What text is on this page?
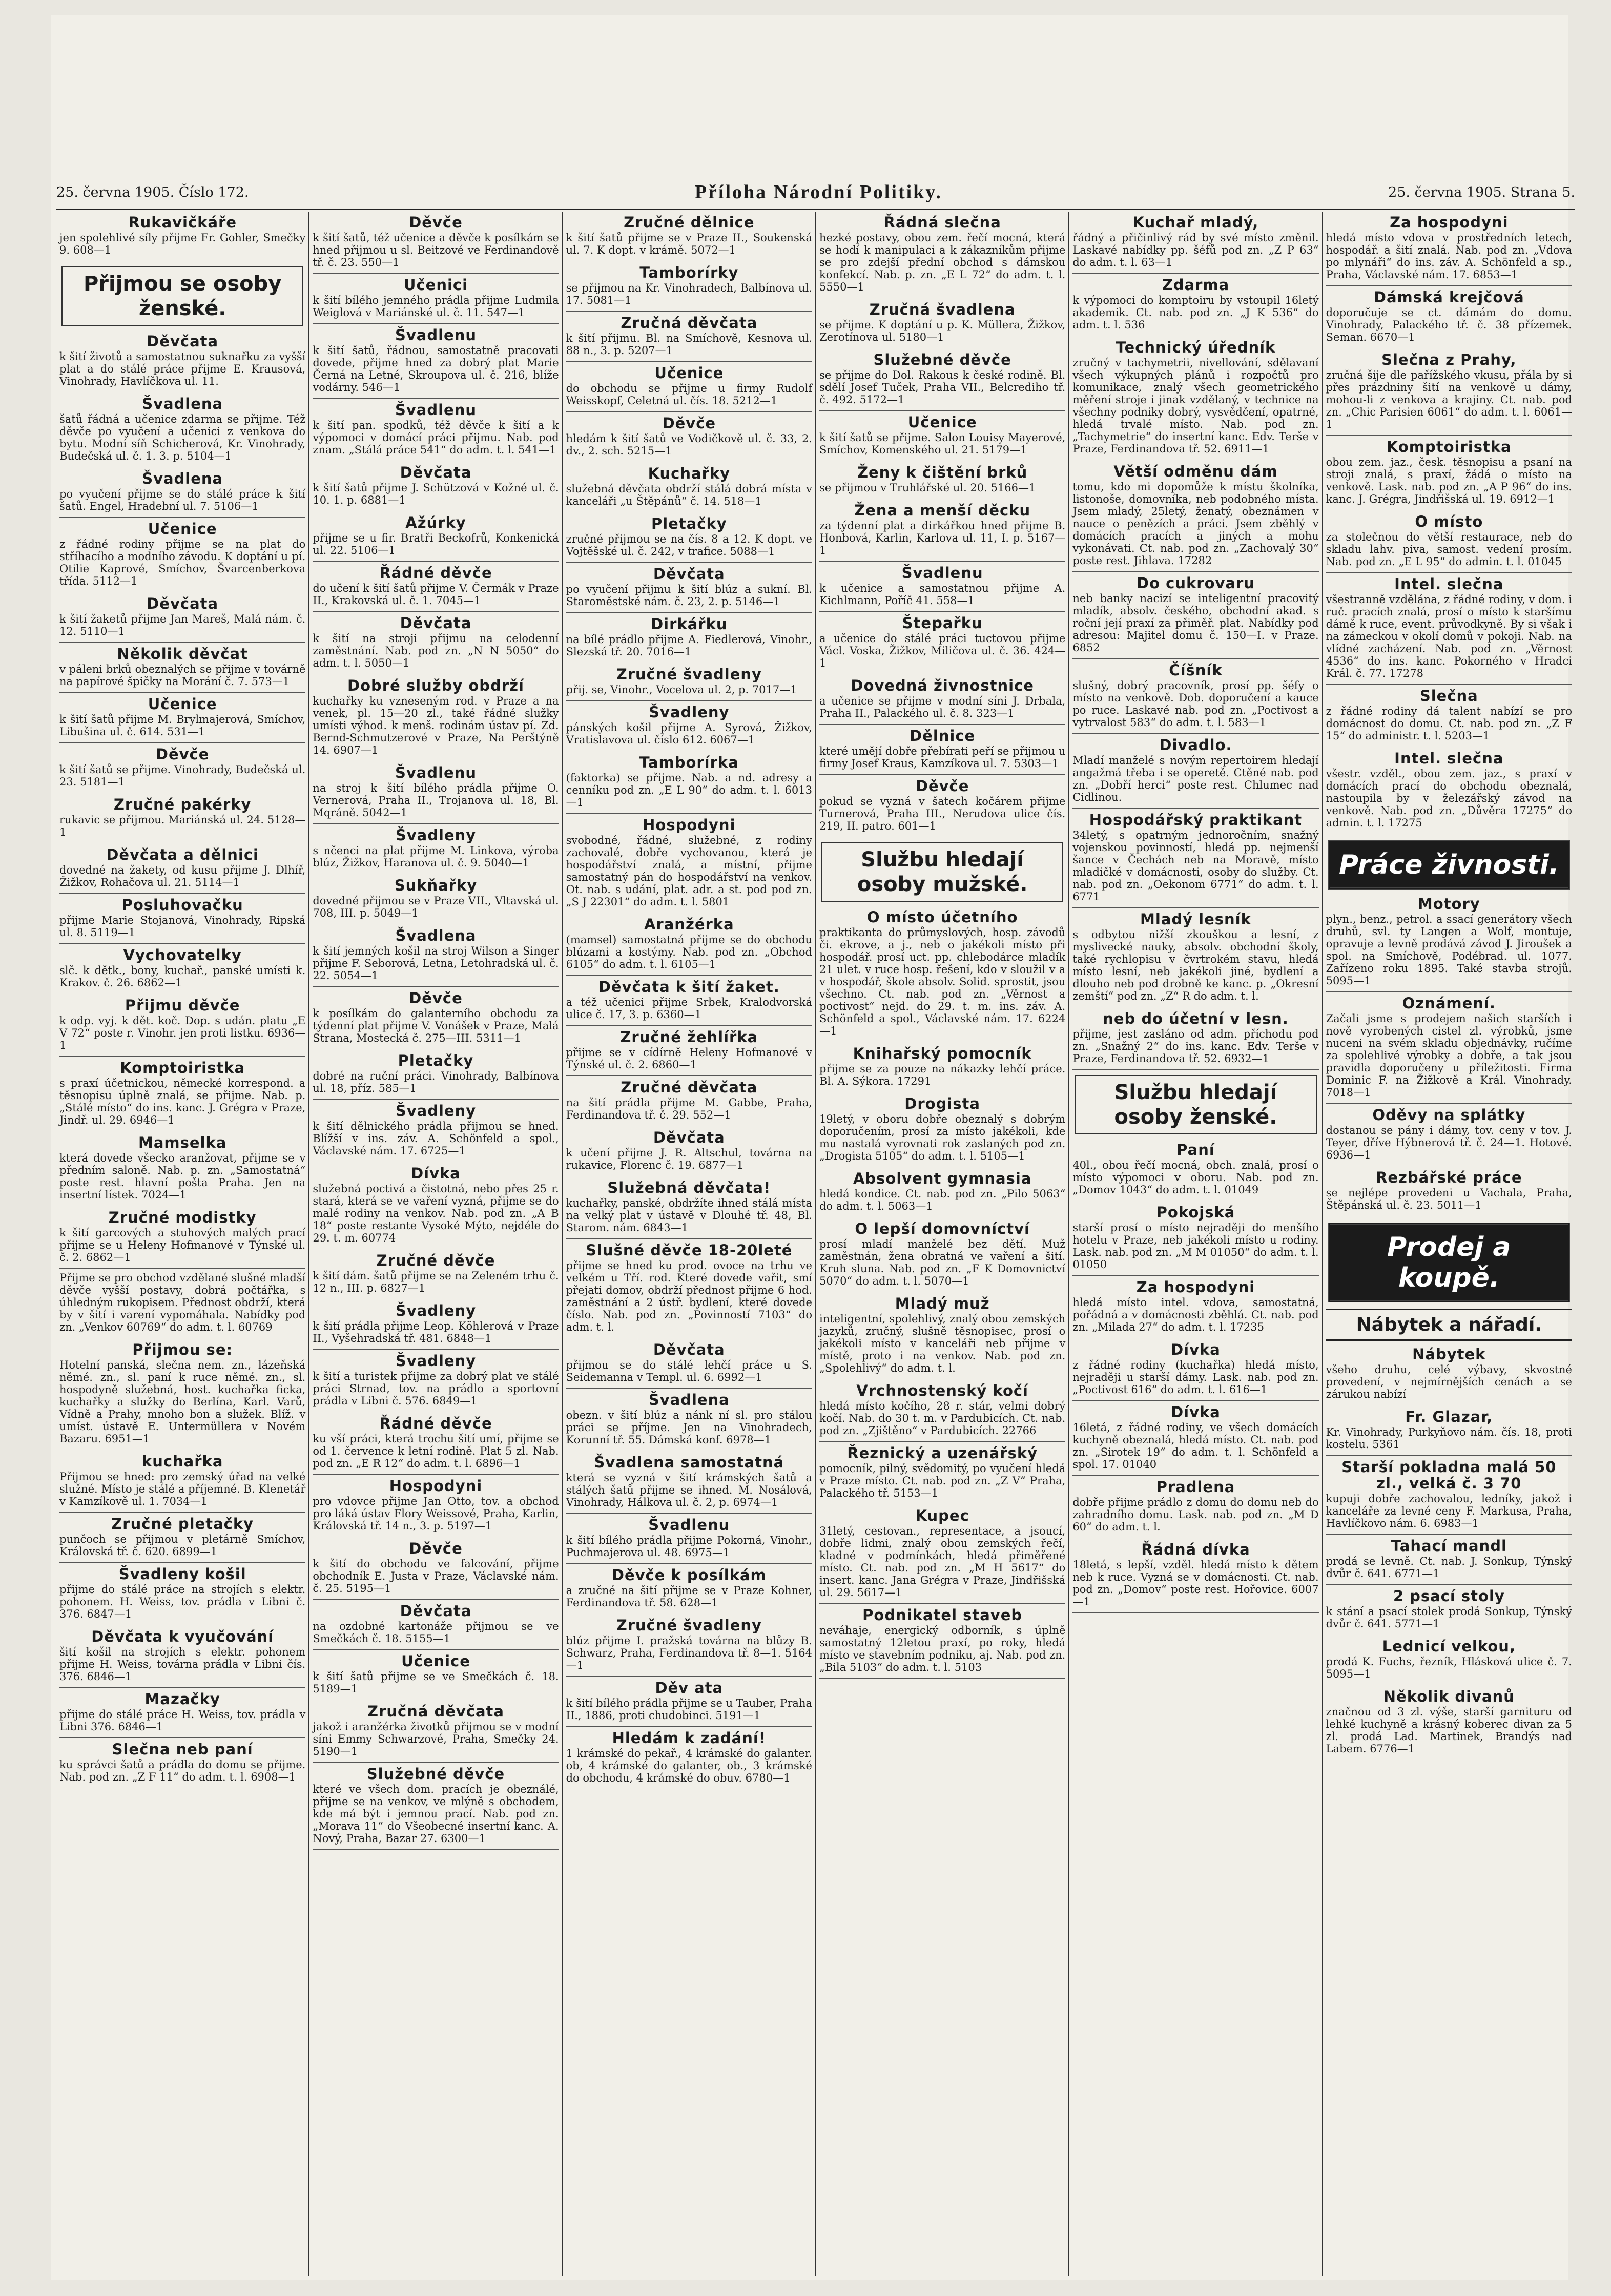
25. června 1905. Číslo 172.	Příloha Národní Politiky.	25. června 1905. Strana 5.
Rukavičkáře

jen spolehlivé síly přijme Fr. Gohler, Smečky 9. 608—1

Přijmou se osoby ženské.
Děvčata

k šití životů a samostatnou suknařku za vyšší plat a do stálé práce přijme E. Krausová, Vinohrady, Havlíčkova ul. 11.

Švadlena

šatů řádná a učenice zdarma se přijme. Též děvče po vyučení a učenici z venkova do bytu. Modní síň Schicherová, Kr. Vinohrady, Budečská ul. č. 1. 3. p. 5104—1

Švadlena

po vyučení přijme se do stálé práce k šití šatů. Engel, Hradební ul. 7. 5106—1

Učenice

z řádné rodiny přijme se na plat do stříhacího a modního závodu. K doptání u pí. Otilie Kaprové, Smíchov, Švarcenberkova třída. 5112—1

Děvčata

k šití žaketů přijme Jan Mareš, Malá nám. č. 12. 5110—1

Několik děvčat

v páleni brků obeznalých se přijme v továrně na papírové špičky na Morání č. 7. 573—1

Učenice

k šití šatů přijme M. Brylmajerová, Smíchov, Libušina ul. č. 614. 531—1

Děvče

k šití šatů se přijme. Vinohrady, Budečská ul. 23. 5181—1

Zručné pakérky

rukavic se přijmou. Mariánská ul. 24. 5128—1

Děvčata a dělnici

dovedné na žakety, od kusu přijme J. Dlhíř, Žižkov, Rohačova ul. 21. 5114—1

Posluhovačku

přijme Marie Stojanová, Vinohrady, Ripská ul. 8. 5119—1

Vychovatelky

slč. k dětk., bony, kuchař., panské umísti k. Krakov. č. 26. 6862—1

Přijmu děvče

k odp. vyj. k dět. koč. Dop. s udán. platu „E V 72“ poste r. Vinohr. jen proti listku. 6936—1

Komptoiristka

s praxí účetnickou, německé korrespond. a těsnopisu úplně znalá, se přijme. Nab. p. „Stálé místo“ do ins. kanc. J. Grégra v Praze, Jindř. ul. 29. 6946—1

Mamselka

která dovede všecko aranžovat, přijme se v předním saloně. Nab. p. zn. „Samostatná“ poste rest. hlavní pošta Praha. Jen na insertní lístek. 7024—1

Zručné modistky

k šití garcových a stuhových malých prací přijme se u Heleny Hofmanové v Týnské ul. č. 2. 6862—1

Přijme se pro obchod vzdělané slušné mladší děvče vyšší postavy, dobrá počtářka, s úhledným rukopisem. Přednost obdrží, která by v šití i varení vypomáhala. Nabídky pod zn. „Venkov 60769“ do adm. t. l. 60769

Přijmou se:

Hotelní panská, slečna nem. zn., lázeňská němé. zn., sl. paní k ruce němé. zn., sl. hospodyně služebná, host. kuchařka ficka, kuchařky a služky do Berlína, Karl. Varů, Vídně a Prahy, mnoho bon a služek. Blíž. v umíst. ústavě E. Untermüllera v Novém Bazaru. 6951—1

kuchařka

Přijmou se hned: pro zemský úřad na velké služné. Místo je stálé a příjemné. B. Klenetář v Kamzíkově ul. 1. 7034—1

Zručné pletačky

punčoch se přijmou v pletárně Smíchov, Královská tř. č. 620. 6899—1

Švadleny košil

přijme do stálé práce na strojích s elektr. pohonem. H. Weiss, tov. prádla v Libni č. 376. 6847—1

Děvčata k vyučování

šití košil na strojích s elektr. pohonem přijme H. Weiss, továrna prádla v Libni čís. 376. 6846—1

Mazačky

přijme do stálé práce H. Weiss, tov. prádla v Libni 376. 6846—1

Slečna neb paní

ku správci šatů a prádla do domu se přijme. Nab. pod zn. „Z F 11“ do adm. t. l. 6908—1

Děvče

k šití šatů, též učenice a děvče k posílkám se hned přijmou u sl. Beitzové ve Ferdinandově tř. č. 23. 550—1

Učenici

k šití bílého jemného prádla přijme Ludmila Weiglová v Mariánské ul. č. 11. 547—1

Švadlenu

k šití šatů, řádnou, samostatně pracovati dovede, přijme hned za dobrý plat Marie Černá na Letné, Skroupova ul. č. 216, blíže vodárny. 546—1

Švadlenu

k šití pan. spodků, též děvče k šití a k výpomoci v domácí práci přijmu. Nab. pod znam. „Stálá práce 541“ do adm. t. l. 541—1

Děvčata

k šití šatů přijme J. Schützová v Kožné ul. č. 10. 1. p. 6881—1

Ažúrky

přijme se u fir. Bratři Beckofrů, Konkenická ul. 22. 5106—1

Řádné děvče

do učení k šití šatů přijme V. Čermák v Praze II., Krakovská ul. č. 1. 7045—1

Děvčata

k šití na stroji přijmu na celodenní zaměstnání. Nab. pod zn. „N N 5050“ do adm. t. l. 5050—1

Dobré služby obdrží

kuchařky ku vzneseným rod. v Praze a na venek, pl. 15—20 zl., také řádné služky umísti výhod. k menš. rodinám ústav pí. Zd. Bernd-Schmutzerové v Praze, Na Perštýně 14. 6907—1

Švadlenu

na stroj k šití bílého prádla přijme O. Vernerová, Praha II., Trojanova ul. 18, Bl. Mqráně. 5042—1

Švadleny

s nčenci na plat přijme M. Linkova, výroba blúz, Žižkov, Haranova ul. č. 9. 5040—1

Sukňařky

dovedné přijmou se v Praze VII., Vltavská ul. 708, III. p. 5049—1

Švadlena

k šití jemných košil na stroj Wilson a Singer přijme F. Seborová, Letna, Letohradská ul. č. 22. 5054—1

Děvče

k posílkám do galanterního obchodu za týdenní plat přijme V. Vonášek v Praze, Malá Strana, Mostecká č. 275—III. 5311—1

Pletačky

dobré na ruční práci. Vinohrady, Balbínova ul. 18, příz. 585—1

Švadleny

k šití dělnického prádla přijmou se hned. Blížší v ins. záv. A. Schönfeld a spol., Václavské nám. 17. 6725—1

Dívka

služebná poctivá a čistotná, nebo přes 25 r. stará, která se ve vaření vyzná, přijme se do malé rodiny na venkov. Nab. pod zn. „A B 18“ poste restante Vysoké Mýto, nejdéle do 29. t. m. 60774

Zručné děvče

k šití dám. šatů přijme se na Zeleném trhu č. 12 n., III. p. 6827—1

Švadleny

k šití prádla přijme Leop. Köhlerová v Praze II., Vyšehradská tř. 481. 6848—1

Švadleny

k šití a turistek přijme za dobrý plat ve stálé práci Strnad, tov. na prádlo a sportovní prádla v Libni č. 576. 6849—1

Řádné děvče

ku vší práci, která trochu šití umí, přijme se od 1. července k letní rodině. Plat 5 zl. Nab. pod zn. „E R 12“ do adm. t. l. 6896—1

Hospodyni

pro vdovce přijme Jan Otto, tov. a obchod pro láká ústav Flory Weissové, Praha, Karlin, Královská tř. 14 n., 3. p. 5197—1

Děvče

k šití do obchodu ve falcování, přijme obchodník E. Justa v Praze, Václavské nám. č. 25. 5195—1

Děvčata

na ozdobné kartonáže přijmou se ve Smečkách č. 18. 5155—1

Učenice

k šití šatů přijme se ve Smečkách č. 18. 5189—1

Zručná děvčata

jakož i aranžérka životků přijmou se v modní síni Emmy Schwarzové, Praha, Smečky 24. 5190—1

Služebné děvče

které ve všech dom. pracích je obeználé, přijme se na venkov, ve mlýně s obchodem, kde má být i jemnou prací. Nab. pod zn. „Morava 11“ do Všeobecné insertní kanc. A. Nový, Praha, Bazar 27. 6300—1

Zručné dělnice

k šití šatů přijme se v Praze II., Soukenská ul. 7. K dopt. v krámě. 5072—1

Tamborírky

se přijmou na Kr. Vinohradech, Balbínova ul. 17. 5081—1

Zručná děvčata

k šití přijmu. Bl. na Smíchově, Kesnova ul. 88 n., 3. p. 5207—1

Učenice

do obchodu se přijme u firmy Rudolf Weisskopf, Celetná ul. čís. 18. 5212—1

Děvče

hledám k šití šatů ve Vodičkově ul. č. 33, 2. dv., 2. sch. 5215—1

Kuchařky

služebná děvčata obdrží stálá dobrá místa v kanceláři „u Štěpánů“ č. 14. 518—1

Pletačky

zručné přijmou se na čís. 8 a 12. K dopt. ve Vojtěšské ul. č. 242, v trafice. 5088—1

Děvčata

po vyučení přijmu k šití blúz a sukní. Bl. Staroměstské nám. č. 23, 2. p. 5146—1

Dirkářku

na bílé prádlo přijme A. Fiedlerová, Vinohr., Slezská tř. 20. 7016—1

Zručné švadleny

přij. se, Vinohr., Vocelova ul. 2, p. 7017—1

Švadleny

pánských košil přijme A. Syrová, Žižkov, Vratislavova ul. číslo 612. 6067—1

Tamborírka

(faktorka) se přijme. Nab. a nd. adresy a cenníku pod zn. „E L 90“ do adm. t. l. 6013—1

Hospodyni

svobodné, řádné, služebné, z rodiny zachovalé, dobře vychovanou, která je hospodářství znalá, a místní, přijme samostatný pán do hospodářství na venkov. Ot. nab. s udání, plat. adr. a st. pod pod zn. „S J 22301“ do adm. t. l. 5801

Aranžérka

(mamsel) samostatná přijme se do obchodu blúzami a kostýmy. Nab. pod zn. „Obchod 6105“ do adm. t. l. 6105—1

Děvčata k šití žaket.

a též učenici přijme Srbek, Kralodvorská ulice č. 17, 3. p. 6360—1

Zručné žehlířka

přijme se v cídírně Heleny Hofmanové v Týnské ul. č. 2. 6860—1

Zručné děvčata

na šití prádla přijme M. Gabbe, Praha, Ferdinandova tř. č. 29. 552—1

Děvčata

k učení přijme J. R. Altschul, továrna na rukavice, Florenc č. 19. 6877—1

Služebná děvčata!

kuchařky, panské, obdržíte ihned stálá místa na velký plat v ústavě v Dlouhé tř. 48, Bl. Starom. nám. 6843—1

Slušné děvče 18-20leté

přijme se hned ku prod. ovoce na trhu ve velkém u Tří. rod. Které dovede vařit, smí přejati domov, obdrží přednost přijme 6 hod. zaměstnání a 2 ústř. bydlení, které dovede číslo. Nab. pod zn. „Povinností 7103“ do adm. t. l.

Děvčata

přijmou se do stálé lehčí práce u S. Seidemanna v Templ. ul. 6. 6992—1

Švadlena

obezn. v šití blúz a nánk ní sl. pro stálou práci se příjme. Jen na Vinohradech, Korunní tř. 55. Dámská konf. 6978—1

Švadlena samostatná

která se vyzná v šití krámských šatů a stálých šatů přijme se ihned. M. Nosálová, Vinohrady, Hálkova ul. č. 2, p. 6974—1

Švadlenu

k šití bílého prádla přijme Pokorná, Vinohr., Puchmajerova ul. 48. 6975—1

Děvče k posílkám

a zručné na šití přijme se v Praze Kohner, Ferdinandova tř. 58. 628—1

Zručné švadleny

blúz přijme I. pražská továrna na blůzy B. Schwarz, Praha, Ferdinandova tř. 8—1. 5164—1

Děv ata

k šití bílého prádla přijme se u Tauber, Praha II., 1886, proti chudobinci. 5191—1

Hledám k zadání!

1 krámské do pekař., 4 krámské do galanter. ob, 4 krámské do galanter, ob., 3 krámské do obchodu, 4 krámské do obuv. 6780—1

Řádná slečna

hezké postavy, obou zem. řečí mocná, která se hodí k manipulaci a k zákazníkům přijme se pro zdejší přední obchod s dámskou konfekcí. Nab. p. zn. „E L 72“ do adm. t. l. 5550—1

Zručná švadlena

se přijme. K doptání u p. K. Müllera, Žižkov, Zerotínova ul. 5180—1

Služebné děvče

se přijme do Dol. Rakous k české rodině. Bl. sdělí Josef Tuček, Praha VII., Belcrediho tř. č. 492. 5172—1

Učenice

k šití šatů se přijme. Salon Louisy Mayerové, Smíchov, Komenského ul. 21. 5179—1

Ženy k čištění brků

se přijmou v Truhlářské ul. 20. 5166—1

Žena a menší děcku

za týdenní plat a dirkářkou hned přijme B. Honbová, Karlin, Karlova ul. 11, I. p. 5167—1

Švadlenu

k učenice a samostatnou přijme A. Kichlmann, Poříč 41. 558—1

Štepařku

a učenice do stálé práci tuctovou přijme Václ. Voska, Žižkov, Miličova ul. č. 36. 424—1

Dovedná živnostnice

a učenice se přijme v modní síni J. Drbala, Praha II., Palackého ul. č. 8. 323—1

Dělnice

které umějí dobře přebírati peří se přijmou u firmy Josef Kraus, Kamzíkova ul. 7. 5303—1

Děvče

pokud se vyzná v šatech kočárem přijme Turnerová, Praha III., Nerudova ulice čís. 219, II. patro. 601—1

Službu hledají osoby mužské.
O místo účetního

praktikanta do průmyslových, hosp. závodů či. ekrove, a j., neb o jakékoli místo při hospodář. prosí uct. pp. chlebodárce mladík 21 ulet. v ruce hosp. řešení, kdo v sloužil v a v hospodář, škole absolv. Solid. sprostit, jsou všechno. Ct. nab. pod zn. „Věrnost a poctivost“ nejd. do 29. t. m. ins. záv. A. Schönfeld a spol., Václavské nám. 17. 6224—1

Knihařský pomocník

přijme se za pouze na nákazky lehčí práce. Bl. A. Sýkora. 17291

Drogista

19letý, v oboru dobře obeznalý s dobrým doporučením, prosí za místo jakékoli, kde mu nastalá vyrovnati rok zaslaných pod zn. „Drogista 5105“ do adm. t. l. 5105—1

Absolvent gymnasia

hledá kondice. Ct. nab. pod zn. „Pilo 5063“ do adm. t. l. 5063—1

O lepší domovníctví

prosí mladí manželé bez dětí. Muž zaměstnán, žena obratná ve vaření a šití. Kruh sluna. Nab. pod zn. „F K Domovnictví 5070“ do adm. t. l. 5070—1

Mladý muž

inteligentní, spolehlivý, znalý obou zemských jazyků, zručný, slušně těsnopisec, prosí o jakékoli místo v kanceláři neb přijme v místě, proto i na venkov. Nab. pod zn. „Spolehlivý“ do adm. t. l.

Vrchnostenský kočí

hledá místo kočího, 28 r. stár, velmi dobrý kočí. Nab. do 30 t. m. v Pardubicích. Ct. nab. pod zn. „Zjištěno“ v Pardubicích. 22766

Řeznický a uzenářský

pomocník, pilný, svědomitý, po vyučení hledá v Praze místo. Ct. nab. pod zn. „Z V“ Praha, Palackého tř. 5153—1

Kupec

31letý, cestovan., representace, a jsoucí, dobře lidmi, znalý obou zemských řečí, kladné v podmínkách, hledá přiměřené místo. Ct. nab. pod zn. „M H 5617“ do insert. kanc. Jana Grégra v Praze, Jindřišská ul. 29. 5617—1

Podnikatel staveb

neváhaje, energický odborník, s úplně samostatný 12letou praxí, po roky, hledá místo ve stavebním podniku, aj. Nab. pod zn. „Bila 5103“ do adm. t. l. 5103

Kuchař mladý,

řádný a přičinlivý rád by své místo změnil. Laskavé nabídky pp. šéfů pod zn. „Z P 63“ do adm. t. l. 63—1

Zdarma

k výpomoci do komptoiru by vstoupil 16letý akademik. Ct. nab. pod zn. „J K 536“ do adm. t. l. 536

Technický úředník

zručný v tachymetrii, nivellování, sdělavaní všech výkupných plánů i rozpočtů pro komunikace, znalý všech geometrického měření stroje i jinak vzdělaný, v technice na všechny podniky dobrý, vysvědčení, opatrné, hledá trvalé místo. Nab. pod zn. „Tachymetrie“ do insertní kanc. Edv. Terše v Praze, Ferdinandova tř. 52. 6911—1

Větší odměnu dám

tomu, kdo mi dopomůže k místu školníka, listonoše, domovníka, neb podobného místa. Jsem mladý, 25letý, ženatý, obeznámen v nauce o penězích a práci. Jsem zběhlý v domácích pracích a jiných a mohu vykonávati. Ct. nab. pod zn. „Zachovalý 30“ poste rest. Jihlava. 17282

Do cukrovaru

neb banky nacizí se inteligentní pracovitý mladík, absolv. českého, obchodní akad. s roční její praxí za přiměř. plat. Nabídky pod adresou: Majitel domu č. 150—I. v Praze. 6852

Číšník

slušný, dobrý pracovník, prosí pp. šéfy o místo na venkově. Dob. doporučení a kauce po ruce. Laskavé nab. pod zn. „Poctivost a vytrvalost 583“ do adm. t. l. 583—1

Divadlo.

Mladí manželé s novým repertoirem hledají angažmá třeba i se operetě. Ctěné nab. pod zn. „Dobří herci“ poste rest. Chlumec nad Cidlinou.

Hospodářský praktikant

34letý, s opatrným jednoročním, snažný vojenskou povinností, hledá pp. nejmenší šance v Čechách neb na Moravě, místo mladičké v domácnosti, osoby do služby. Ct. nab. pod zn. „Oekonom 6771“ do adm. t. l. 6771

Mladý lesník

s odbytou nižší zkouškou a lesní, z myslivecké nauky, absolv. obchodní školy, také rychlopisu v čvrtrokém stavu, hledá místo lesní, neb jakékoli jiné, bydlení a dlouho neb pod drobně ke kanc. p. „Okresní zemští“ pod zn. „Z“ R do adm. t. l.

neb do účetní v lesn.

přijme, jest zasláno od adm. příchodu pod zn. „Snažný 2“ do ins. kanc. Edv. Terše v Praze, Ferdinandova tř. 52. 6932—1

Službu hledají osoby ženské.
Paní

40l., obou řečí mocná, obch. znalá, prosí o místo výpomoci v oboru. Nab. pod zn. „Domov 1043“ do adm. t. l. 01049

Pokojská

starší prosí o místo nejraději do menšího hotelu v Praze, neb jakékoli místo u rodiny. Lask. nab. pod zn. „M M 01050“ do adm. t. l. 01050

Za hospodyni

hledá místo intel. vdova, samostatná, pořádná a v domácnosti zběhlá. Ct. nab. pod zn. „Milada 27“ do adm. t. l. 17235

Dívka

z řádné rodiny (kuchařka) hledá místo, nejraději u starší dámy. Lask. nab. pod zn. „Poctivost 616“ do adm. t. l. 616—1

Dívka

16letá, z řádné rodiny, ve všech domácích kuchyně obeznalá, hledá místo. Ct. nab. pod zn. „Sirotek 19“ do adm. t. l. Schönfeld a spol. 17. 01040

Pradlena

dobře přijme prádlo z domu do domu neb do zahradního domu. Lask. nab. pod zn. „M D 60“ do adm. t. l.

Řádná dívka

18letá, s lepší, vzděl. hledá místo k dětem neb k ruce. Vyzná se v domácnosti. Ct. nab. pod zn. „Domov“ poste rest. Hořovice. 6007—1

Za hospodyni

hledá místo vdova v prostředních letech, hospodář. a šití znalá. Nab. pod zn. „Vdova po mlynáři“ do ins. záv. A. Schönfeld a sp., Praha, Václavské nám. 17. 6853—1

Dámská krejčová

doporučuje se ct. dámám do domu. Vinohrady, Palackého tř. č. 38 přízemek. Seman. 6670—1

Slečna z Prahy,

zručná šije dle pařížského vkusu, přála by si přes prázdniny šití na venkově u dámy, mohou-li z venkova a krajiny. Ct. nab. pod zn. „Chic Parisien 6061“ do adm. t. l. 6061—1

Komptoiristka

obou zem. jaz., česk. těsnopisu a psaní na stroji znalá, s praxí, žádá o místo na venkově. Lask. nab. pod zn. „A P 96“ do ins. kanc. J. Grégra, Jindřišská ul. 19. 6912—1

O místo

za stolečnou do větší restaurace, neb do skladu lahv. piva, samost. vedení prosím. Nab. pod zn. „E L 95“ do admin. t. l. 01045

Intel. slečna

všestranně vzdělána, z řádné rodiny, v dom. i ruč. pracích znalá, prosí o místo k staršímu dámě k ruce, event. průvodkyně. By si však i na zámeckou v okolí domů v pokoji. Nab. na vlídné zacházení. Nab. pod zn. „Věrnost 4536“ do ins. kanc. Pokorného v Hradci Král. č. 77. 17278

Slečna

z řádné rodiny dá talent nabízí se pro domácnost do domu. Ct. nab. pod zn. „Z F 15“ do administr. t. l. 5203—1

Intel. slečna

všestr. vzděl., obou zem. jaz., s praxí v domácích prací do obchodu obeznalá, nastoupila by v železářský závod na venkově. Nab. pod zn. „Důvěra 17275“ do admin. t. l. 17275

Práce živnosti.
Motory

plyn., benz., petrol. a ssací generátory všech druhů, svl. ty Langen a Wolf, montuje, opravuje a levně prodává závod J. Jiroušek a spol. na Smíchově, Podébrad. ul. 1077. Zařízeno roku 1895. Také stavba strojů. 5095—1

Oznámení.

Začali jsme s prodejem našich starších i nově vyrobených cistel zl. výrobků, jsme nuceni na svém skladu objednávky, ručíme za spolehlivé výrobky a dobře, a tak jsou pravidla doporučeny u příležitosti. Firma Dominic F. na Žižkově a Král. Vinohrady. 7018—1

Oděvy na splátky

dostanou se pány i dámy, tov. ceny v tov. J. Teyer, dříve Hýbnerová tř. č. 24—1. Hotové. 6936—1

Rezbářské práce

se nejlépe provedeni u Vachala, Praha, Štěpánská ul. č. 23. 5011—1

Prodej a koupě.
Nábytek a nářadí.
Nábytek

všeho druhu, celé výbavy, skvostné provedení, v nejmírnějších cenách a se zárukou nabízí

Fr. Glazar,

Kr. Vinohrady, Purkyňovo nám. čís. 18, proti kostelu. 5361

Starší pokladna malá 50 zl., velká č. 3 70

kupuji dobře zachovalou, ledníky, jakož i kanceláře za levné ceny F. Markusa, Praha, Havlíčkovo nám. 6. 6983—1

Tahací mandl

prodá se levně. Ct. nab. J. Sonkup, Týnský dvůr č. 641. 6771—1

2 psací stoly

k stání a psací stolek prodá Sonkup, Týnský dvůr č. 641. 5771—1

Lednicí velkou,

prodá K. Fuchs, řezník, Hlásková ulice č. 7. 5095—1

Několik divanů

značnou od 3 zl. výše, starší garnituru od lehké kuchyně a krásný koberec divan za 5 zl. prodá Lad. Martinek, Brandýs nad Labem. 6776—1
